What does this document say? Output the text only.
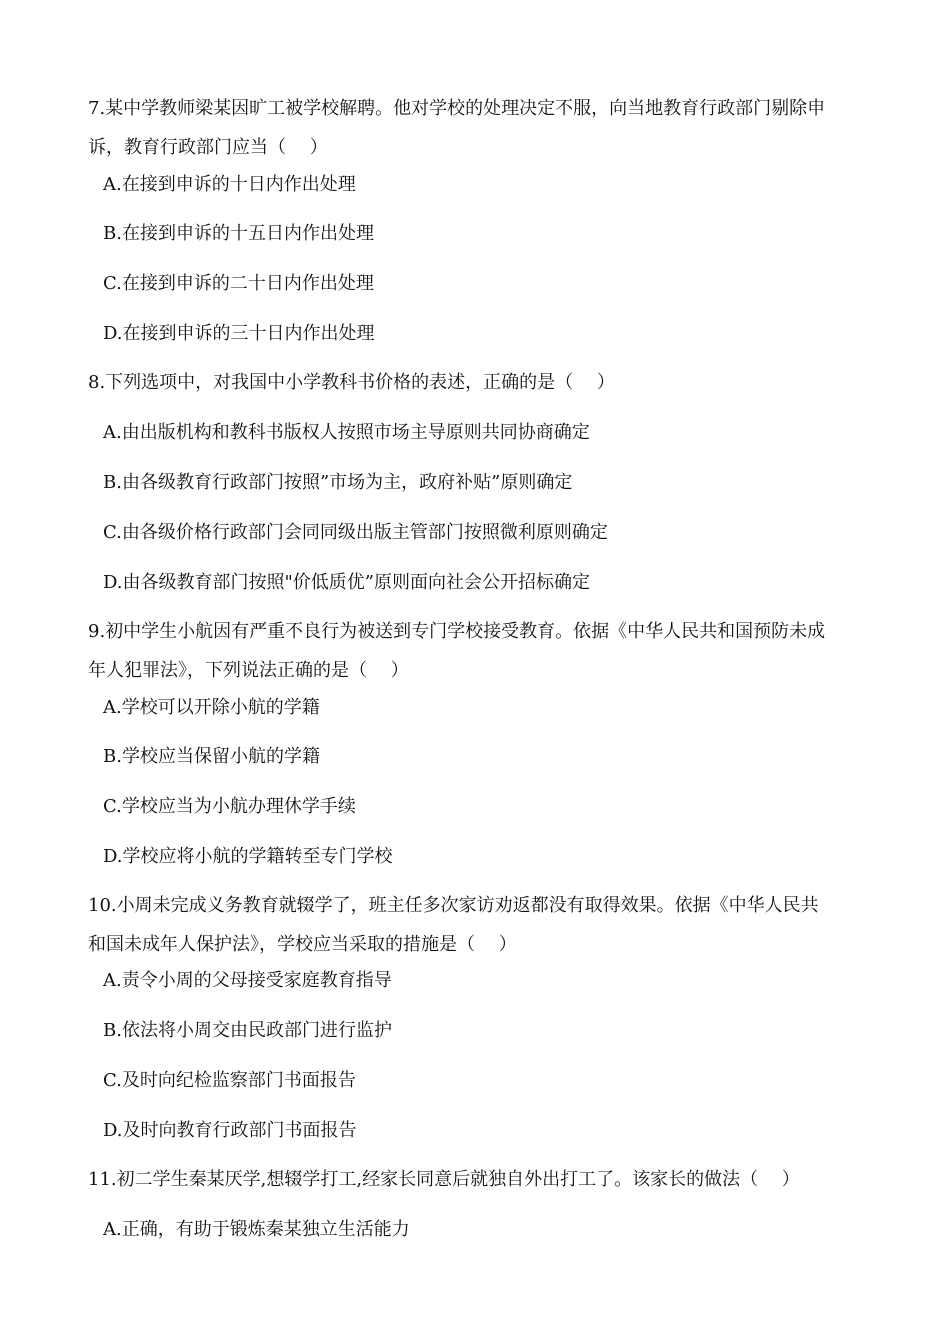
7.某中学教师梁某因旷工被学校解聘。他对学校的处理决定不服，向当地教育行政部门剔除申
诉，教育行政部门应当（　 ）
A.在接到申诉的十日内作出处理
B.在接到申诉的十五日内作出处理
C.在接到申诉的二十日内作出处理
D.在接到申诉的三十日内作出处理
8.下列选项中，对我国中小学教科书价格的表述，正确的是（　 ）
A.由出版机构和教科书版权人按照市场主导原则共同协商确定
B.由各级教育行政部门按照”市场为主，政府补贴”原则确定
C.由各级价格行政部门会同同级出版主管部门按照微利原则确定
D.由各级教育部门按照"价低质优”原则面向社会公开招标确定
9.初中学生小航因有严重不良行为被送到专门学校接受教育。依据《中华人民共和国预防未成
年人犯罪法》，下列说法正确的是（　 ）
A.学校可以开除小航的学籍
B.学校应当保留小航的学籍
C.学校应当为小航办理休学手续
D.学校应将小航的学籍转至专门学校
10.小周未完成义务教育就辍学了，班主任多次家访劝返都没有取得效果。依据《中华人民共
和国未成年人保护法》，学校应当采取的措施是（　 ）
A.责令小周的父母接受家庭教育指导
B.依法将小周交由民政部门进行监护
C.及时向纪检监察部门书面报告
D.及时向教育行政部门书面报告
11.初二学生秦某厌学,想辍学打工,经家长同意后就独自外出打工了。该家长的做法（　 ）
A.正确，有助于锻炼秦某独立生活能力
